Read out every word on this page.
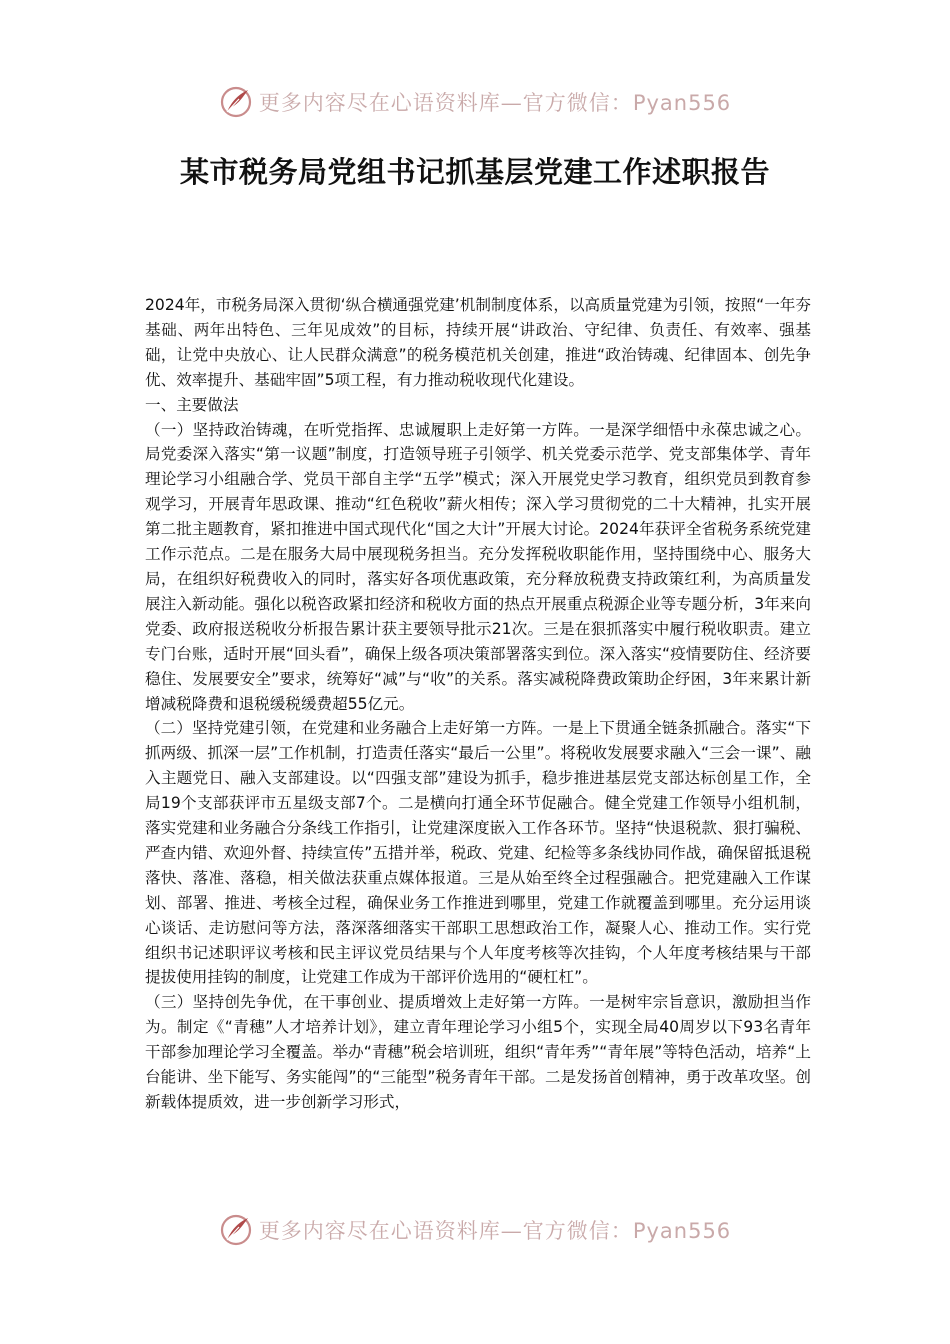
更多内容尽在心语资料库—官方微信：Pyan556
某市税务局党组书记抓基层党建工作述职报告

2024年，市税务局深入贯彻‘纵合横通强党建’机制制度体系，以高质量党建为引领，按照“一年夯基础、两年出特色、三年见成效”的目标，持续开展“讲政治、守纪律、负责任、有效率、强基础，让党中央放心、让人民群众满意”的税务模范机关创建，推进“政治铸魂、纪律固本、创先争优、效率提升、基础牢固”5项工程，有力推动税收现代化建设。

一、主要做法

（一）坚持政治铸魂，在听党指挥、忠诚履职上走好第一方阵。一是深学细悟中永葆忠诚之心。局党委深入落实“第一议题”制度，打造领导班子引领学、机关党委示范学、党支部集体学、青年理论学习小组融合学、党员干部自主学“五学”模式；深入开展党史学习教育，组织党员到教育参观学习，开展青年思政课、推动“红色税收”薪火相传；深入学习贯彻党的二十大精神，扎实开展第二批主题教育，紧扣推进中国式现代化“国之大计”开展大讨论。2024年获评全省税务系统党建工作示范点。二是在服务大局中展现税务担当。充分发挥税收职能作用，坚持围绕中心、服务大局，在组织好税费收入的同时，落实好各项优惠政策，充分释放税费支持政策红利，为高质量发展注入新动能。强化以税咨政紧扣经济和税收方面的热点开展重点税源企业等专题分析，3年来向党委、政府报送税收分析报告累计获主要领导批示21次。三是在狠抓落实中履行税收职责。建立专门台账，适时开展“回头看”，确保上级各项决策部署落实到位。深入落实“疫情要防住、经济要稳住、发展要安全”要求，统筹好“减”与“收”的关系。落实减税降费政策助企纾困，3年来累计新增减税降费和退税缓税缓费超55亿元。

（二）坚持党建引领，在党建和业务融合上走好第一方阵。一是上下贯通全链条抓融合。落实“下抓两级、抓深一层”工作机制，打造责任落实“最后一公里”。将税收发展要求融入“三会一课”、融入主题党日、融入支部建设。以“四强支部”建设为抓手，稳步推进基层党支部达标创星工作，全局19个支部获评市五星级支部7个。二是横向打通全环节促融合。健全党建工作领导小组机制，落实党建和业务融合分条线工作指引，让党建深度嵌入工作各环节。坚持“快退税款、狠打骗税、严查内错、欢迎外督、持续宣传”五措并举，税政、党建、纪检等多条线协同作战，确保留抵退税落快、落准、落稳，相关做法获重点媒体报道。三是从始至终全过程强融合。把党建融入工作谋划、部署、推进、考核全过程，确保业务工作推进到哪里，党建工作就覆盖到哪里。充分运用谈心谈话、走访慰问等方法，落深落细落实干部职工思想政治工作，凝聚人心、推动工作。实行党组织书记述职评议考核和民主评议党员结果与个人年度考核等次挂钩，个人年度考核结果与干部提拔使用挂钩的制度，让党建工作成为干部评价选用的“硬杠杠”。

（三）坚持创先争优，在干事创业、提质增效上走好第一方阵。一是树牢宗旨意识，激励担当作为。制定《“青穗”人才培养计划》，建立青年理论学习小组5个，实现全局40周岁以下93名青年干部参加理论学习全覆盖。举办“青穗”税会培训班，组织“青年秀”“青年展”等特色活动，培养“上台能讲、坐下能写、务实能闯”的“三能型”税务青年干部。二是发扬首创精神，勇于改革攻坚。创新载体提质效，进一步创新学习形式，

更多内容尽在心语资料库—官方微信：Pyan556
